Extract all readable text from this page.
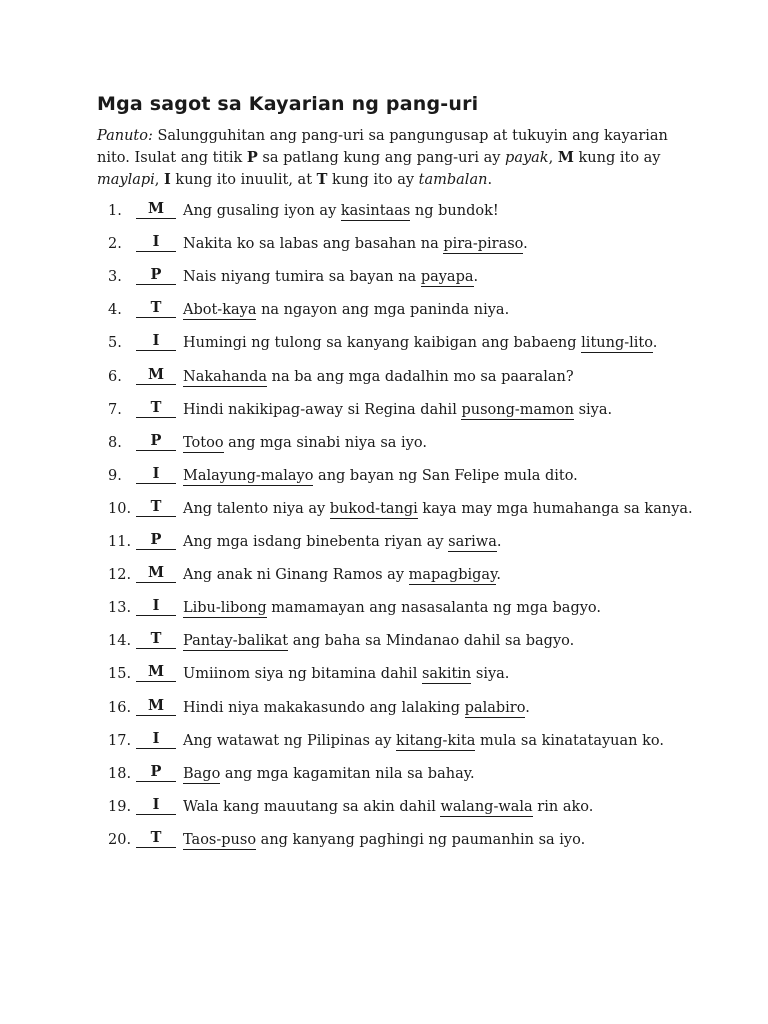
Mga sagot sa Kayarian ng pang-uri

Panuto: Salungguhitan ang pang-uri sa pangungusap at tukuyin ang kayarian nito. Isulat ang titik P sa patlang kung ang pang-uri ay payak, M kung ito ay maylapi, I kung ito inuulit, at T kung ito ay tambalan.

1.	M	Ang gusaling iyon ay kasintaas ng bundok!
2.	I	Nakita ko sa labas ang basahan na pira-piraso.
3.	P	Nais niyang tumira sa bayan na payapa.
4.	T	Abot-kaya na ngayon ang mga paninda niya.
5.	I	Humingi ng tulong sa kanyang kaibigan ang babaeng litung-lito.
6.	M	Nakahanda na ba ang mga dadalhin mo sa paaralan?
7.	T	Hindi nakikipag-away si Regina dahil pusong-mamon siya.
8.	P	Totoo ang mga sinabi niya sa iyo.
9.	I	Malayung-malayo ang bayan ng San Felipe mula dito.
10.	T	Ang talento niya ay bukod-tangi kaya may mga humahanga sa kanya.
11.	P	Ang mga isdang binebenta riyan ay sariwa.
12.	M	Ang anak ni Ginang Ramos ay mapagbigay.
13.	I	Libu-libong mamamayan ang nasasalanta ng mga bagyo.
14.	T	Pantay-balikat ang baha sa Mindanao dahil sa bagyo.
15.	M	Umiinom siya ng bitamina dahil sakitin siya.
16.	M	Hindi niya makakasundo ang lalaking palabiro.
17.	I	Ang watawat ng Pilipinas ay kitang-kita mula sa kinatatayuan ko.
18.	P	Bago ang mga kagamitan nila sa bahay.
19.	I	Wala kang mauutang sa akin dahil walang-wala rin ako.
20.	T	Taos-puso ang kanyang paghingi ng paumanhin sa iyo.
